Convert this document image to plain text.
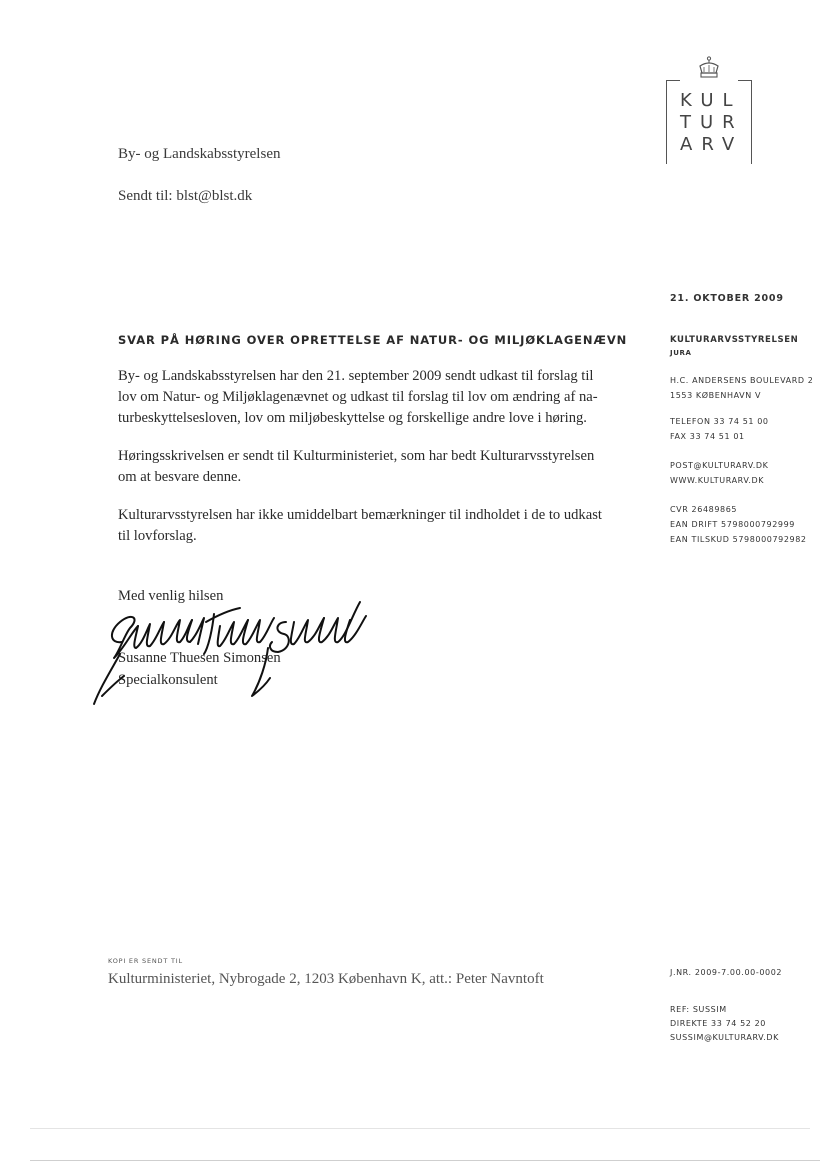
KUL
TUR
ARV
By- og Landskabsstyrelsen
Sendt til: blst@blst.dk
21. OKTOBER 2009
KULTURARVSSTYRELSEN
JURA
H.C. ANDERSENS BOULEVARD 2
1553 KØBENHAVN V
TELEFON 33 74 51 00
FAX 33 74 51 01
POST@KULTURARV.DK
WWW.KULTURARV.DK
CVR 26489865
EAN DRIFT 5798000792999
EAN TILSKUD 5798000792982
J.NR. 2009-7.00.00-0002
REF: SUSSIM
DIREKTE 33 74 52 20
SUSSIM@KULTURARV.DK
SVAR PÅ HØRING OVER OPRETTELSE AF NATUR- OG MILJØKLAGENÆVN
By- og Landskabsstyrelsen har den 21. september 2009 sendt udkast til forslag til
lov om Natur- og Miljøklagenævnet og udkast til forslag til lov om ændring af na-
turbeskyttelsesloven, lov om miljøbeskyttelse og forskellige andre love i høring.
Høringsskrivelsen er sendt til Kulturministeriet, som har bedt Kulturarvsstyrelsen
om at besvare denne.
Kulturarvsstyrelsen har ikke umiddelbart bemærkninger til indholdet i de to udkast
til lovforslag.
Med venlig hilsen
Susanne Thuesen Simonsen
Specialkonsulent
KOPI ER SENDT TIL
Kulturministeriet, Nybrogade 2, 1203 København K, att.: Peter Navntoft
